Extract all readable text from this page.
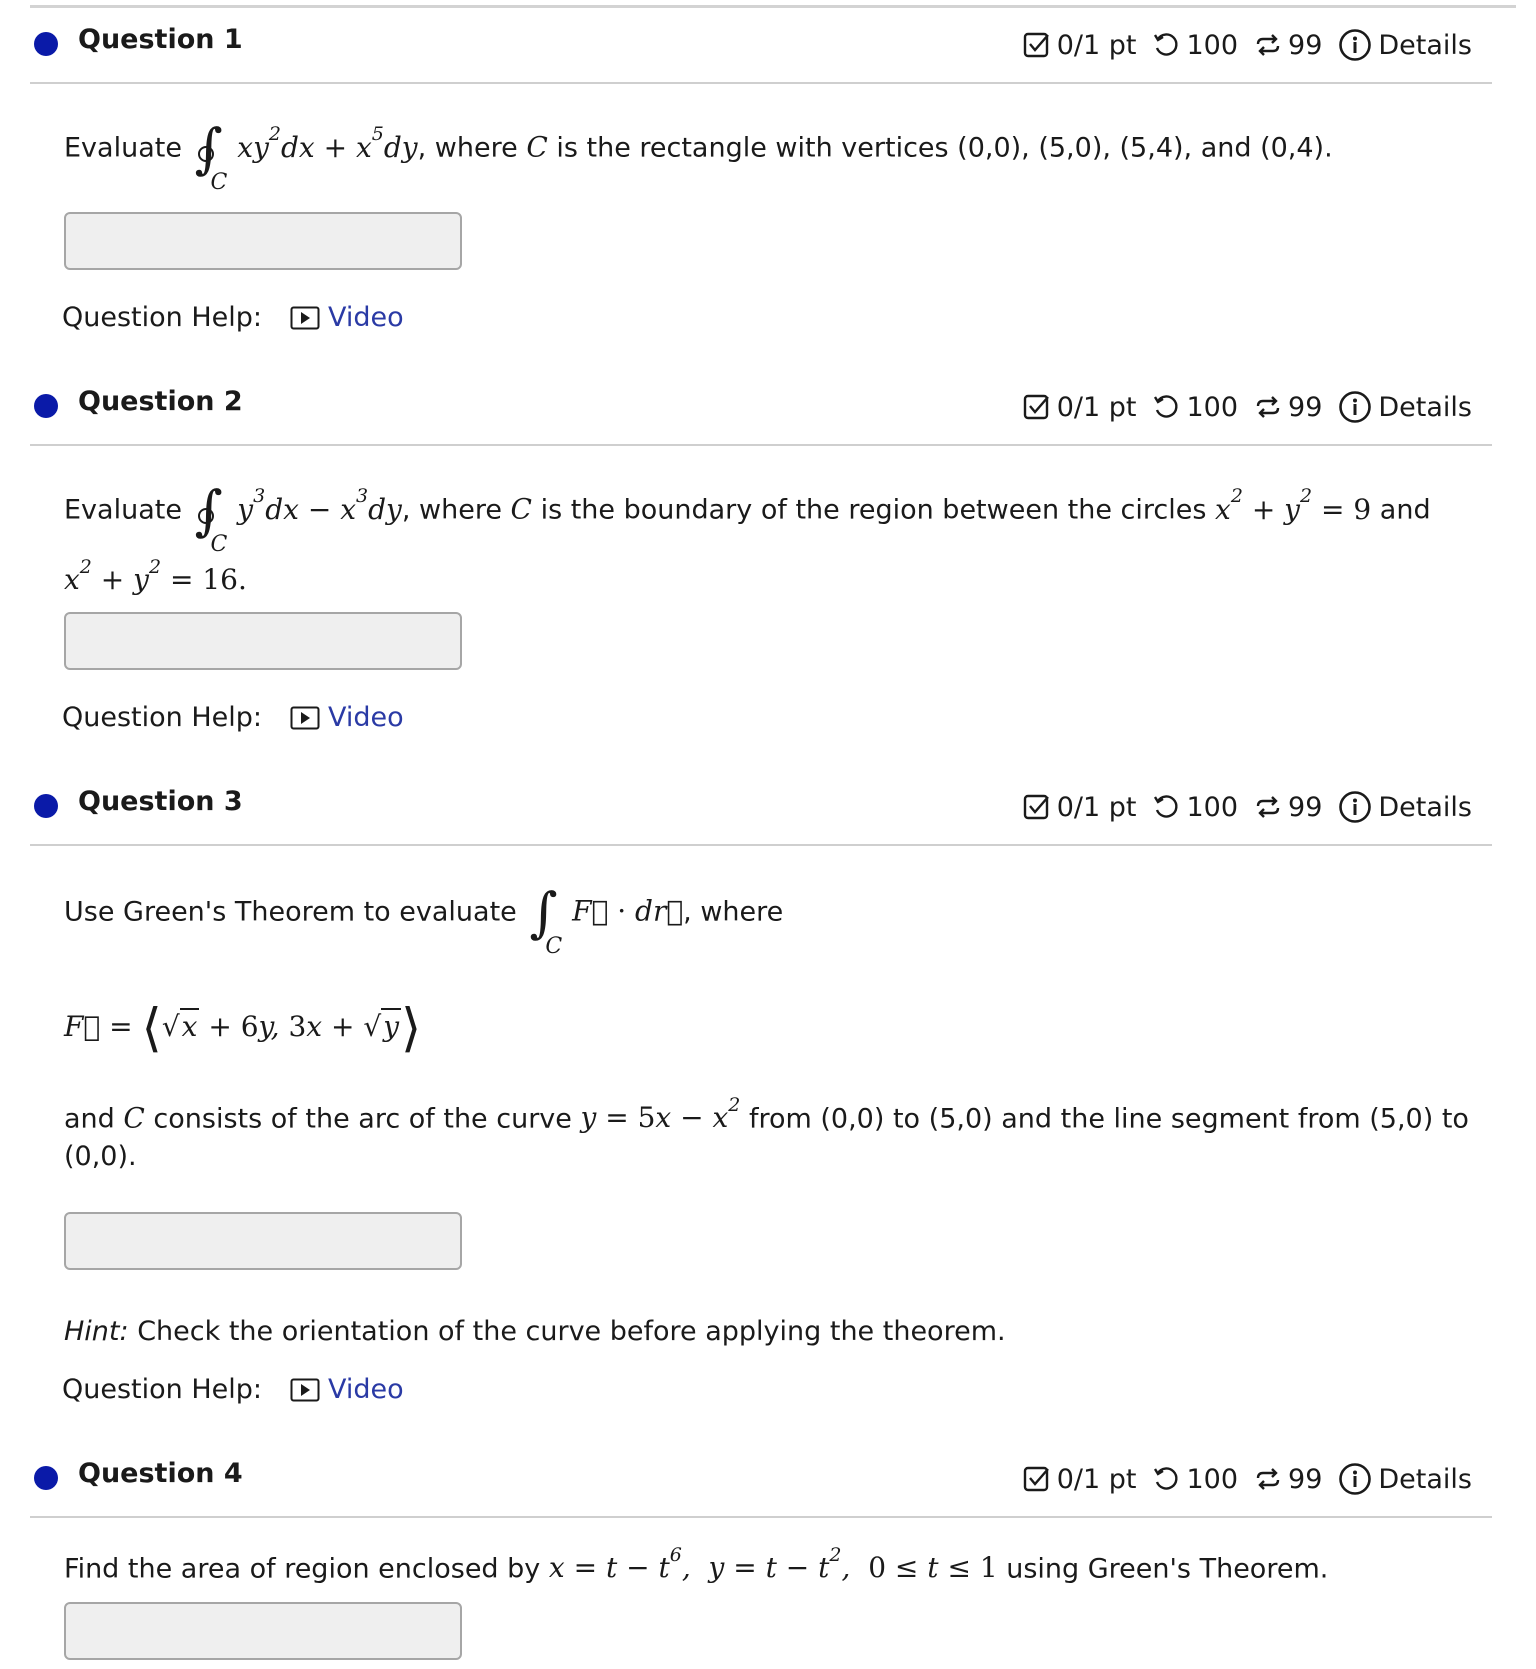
Question 1	0/1 pt 100 99 Details
Evaluate ∫
C
$xy^2dx + x^5dy$, where C is the rectangle with vertices (0,0), (5,0), (5,4), and (0,4).
Question Help: Video
Question 2	0/1 pt 100 99 Details
Evaluate ∫
C
$y^3dx - x^3dy$, where C is the boundary of the region between the circles $x^2 + y^2 = 9$ and
$x^2 + y^2 = 16$.
Question Help: Video
Question 3	0/1 pt 100 99 Details
Use Green's Theorem to evaluate ∫
C
F⃗ · dr⃗, where
F⃗ = ⟨√x + 6y, 3x + √y⟩
and C consists of the arc of the curve $y = 5x - x^2$ from (0,0) to (5,0) and the line segment from (5,0) to
(0,0).
Hint: Check the orientation of the curve before applying the theorem.
Question Help: Video
Question 4	0/1 pt 100 99 Details
Find the area of region enclosed by $x = t - t^6$,  $y = t - t^2$,  0 ≤ t ≤ 1 using Green's Theorem.
